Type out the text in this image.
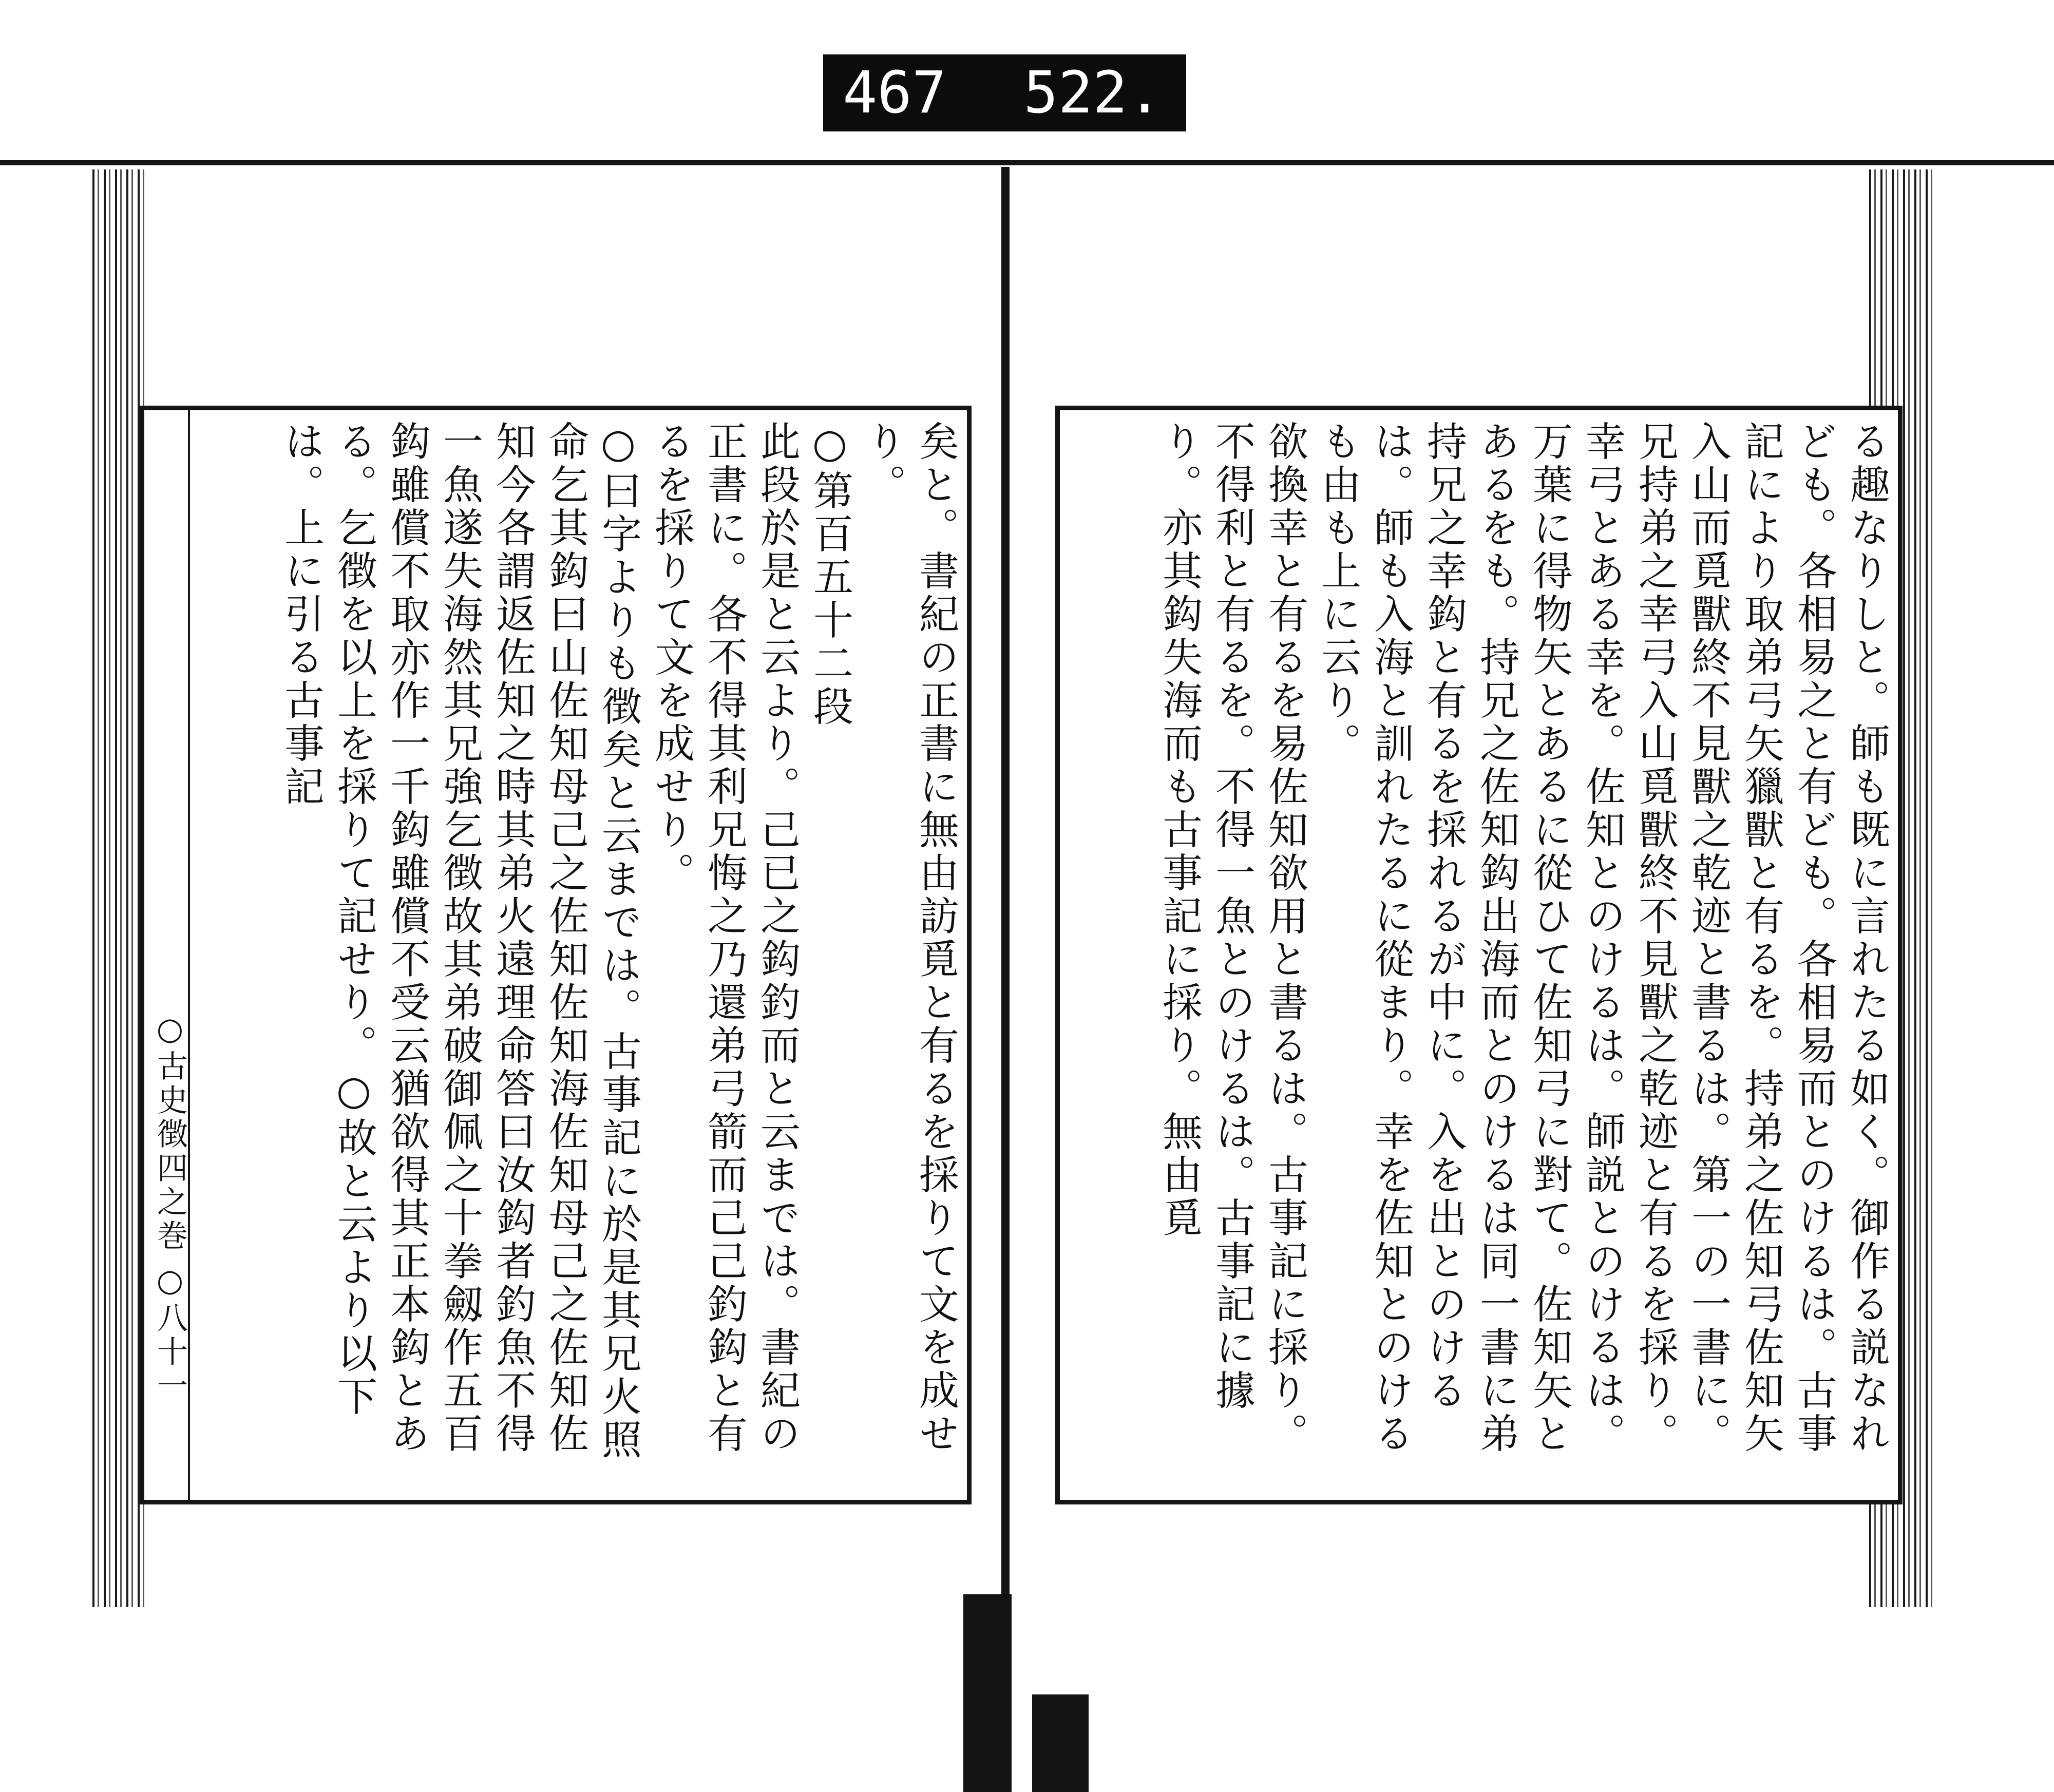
467 522.
○古史徴四之巻
○八十一	矣と。書紀の正書に無由訪覓と有るを採りて文を成せり。

○第百五十二段

此段於是と云より。己已之鈎釣而と云までは。書紀の正書に。各不得其利兄悔之乃還弟弓箭而己己釣鈎と有るを採りて文を成せり。

○曰字よりも徴矣と云までは。古事記に於是其兄火照命乞其鈎曰山佐知母己之佐知佐知海佐知母己之佐知佐知今各謂返佐知之時其弟火遠理命答曰汝鈎者釣魚不得一魚遂失海然其兄強乞徴故其弟破御佩之十拳劔作五百鈎雖償不取亦作一千鈎雖償不受云猶欲得其正本鈎とある。乞徴を以上を採りて記せり。○故と云より以下は。上に引る古事記	る趣なりしと。師も既に言れたる如く。御作る説なれども。各相易之と有ども。各相易而とのけるは。古事記により取弟弓矢獵獸と有るを。持弟之佐知弓佐知矢入山而覓獸終不見獸之乾迹と書るは。第一の一書に。兄持弟之幸弓入山覓獸終不見獸之乾迹と有るを採り。幸弓とある幸を。佐知とのけるは。師説とのけるは。万葉に得物矢とあるに從ひて佐知弓に對て。佐知矢とあるをも。持兄之佐知鈎出海而とのけるは同一書に弟持兄之幸鈎と有るを採れるが中に。入を出とのけるは。師も入海と訓れたるに從まり。幸を佐知とのけるも由も上に云り。

欲換幸と有るを易佐知欲用と書るは。古事記に採り。不得利と有るを。不得一魚とのけるは。古事記に據り。亦其鈎失海而も古事記に採り。無由覓
